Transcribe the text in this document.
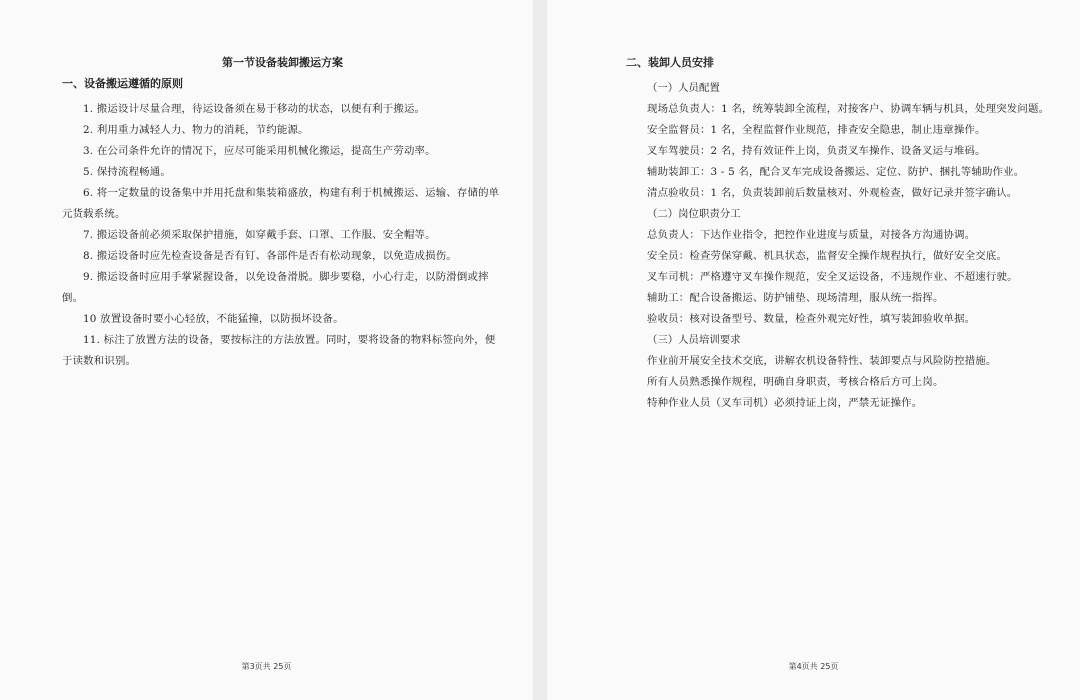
第一节设备装卸搬运方案
一、设备搬运遵循的原则

1. 搬运设计尽量合理，待运设备须在易于移动的状态，以便有利于搬运。

2. 利用重力减轻人力、物力的消耗，节约能源。

3. 在公司条件允许的情况下，应尽可能采用机械化搬运，提高生产劳动率。

5. 保持流程畅通。

6. 将一定数量的设备集中并用托盘和集装箱盛放，构建有利于机械搬运、运输、存储的单元货载系统。

7. 搬运设备前必须采取保护措施，如穿戴手套、口罩、工作服、安全帽等。

8. 搬运设备时应先检查设备是否有钉、各部件是否有松动现象，以免造成损伤。

9. 搬运设备时应用手掌紧握设备，以免设备滑脱。脚步要稳，小心行走，以防滑倒或摔倒。

10 放置设备时要小心轻放，不能猛撞，以防损坏设备。

11. 标注了放置方法的设备，要按标注的方法放置。同时，要将设备的物料标签向外，便于读数和识别。

第3页共 25页
二、装卸人员安排

（一）人员配置

现场总负责人：1 名，统筹装卸全流程，对接客户、协调车辆与机具，处理突发问题。

安全监督员：1 名，全程监督作业规范，排查安全隐患，制止违章操作。

叉车驾驶员：2 名，持有效证件上岗，负责叉车操作、设备叉运与堆码。

辅助装卸工：3 - 5 名，配合叉车完成设备搬运、定位、防护、捆扎等辅助作业。

清点验收员：1 名，负责装卸前后数量核对、外观检查，做好记录并签字确认。

（二）岗位职责分工

总负责人：下达作业指令，把控作业进度与质量，对接各方沟通协调。

安全员：检查劳保穿戴、机具状态，监督安全操作规程执行，做好安全交底。

叉车司机：严格遵守叉车操作规范，安全叉运设备，不违规作业、不超速行驶。

辅助工：配合设备搬运、防护铺垫、现场清理，服从统一指挥。

验收员：核对设备型号、数量，检查外观完好性，填写装卸验收单据。

（三）人员培训要求

作业前开展安全技术交底，讲解农机设备特性、装卸要点与风险防控措施。

所有人员熟悉操作规程，明确自身职责，考核合格后方可上岗。

特种作业人员（叉车司机）必须持证上岗，严禁无证操作。

第4页共 25页
